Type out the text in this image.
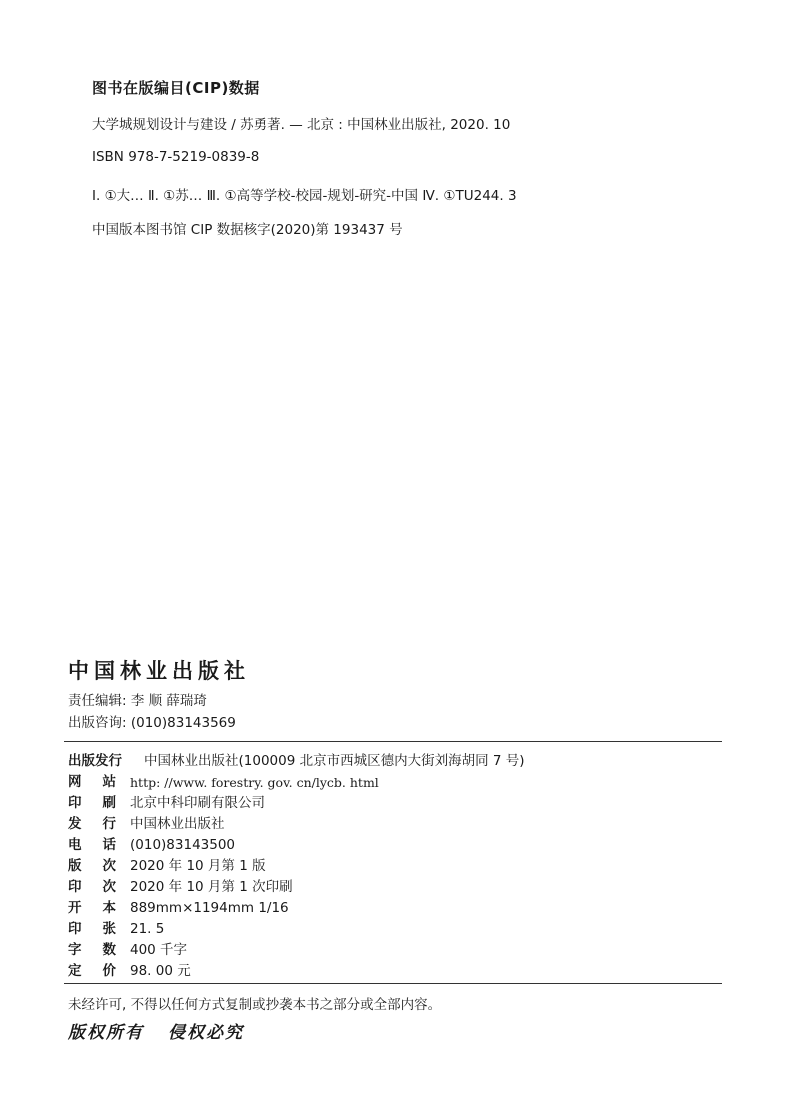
图书在版编目(CIP)数据
大学城规划设计与建设 / 苏勇著. — 北京 : 中国林业出版社, 2020. 10
ISBN 978-7-5219-0839-8
Ⅰ. ①大… Ⅱ. ①苏… Ⅲ. ①高等学校-校园-规划-研究-中国 Ⅳ. ①TU244. 3
中国版本图书馆 CIP 数据核字(2020)第 193437 号
中国林业出版社
责任编辑: 李 顺 薛瑞琦
出版咨询: (010)83143569
出版发行	中国林业出版社(100009 北京市西城区德内大街刘海胡同 7 号)
网 站 http: //www. forestry. gov. cn/lycb. html
印 刷 北京中科印刷有限公司
发 行 中国林业出版社
电 话 (010)83143500
版 次 2020 年 10 月第 1 版
印 次 2020 年 10 月第 1 次印刷
开 本 889mm×1194mm 1/16
印 张 21. 5
字 数 400 千字
定 价 98. 00 元
未经许可, 不得以任何方式复制或抄袭本书之部分或全部内容。
版权所有 侵权必究
